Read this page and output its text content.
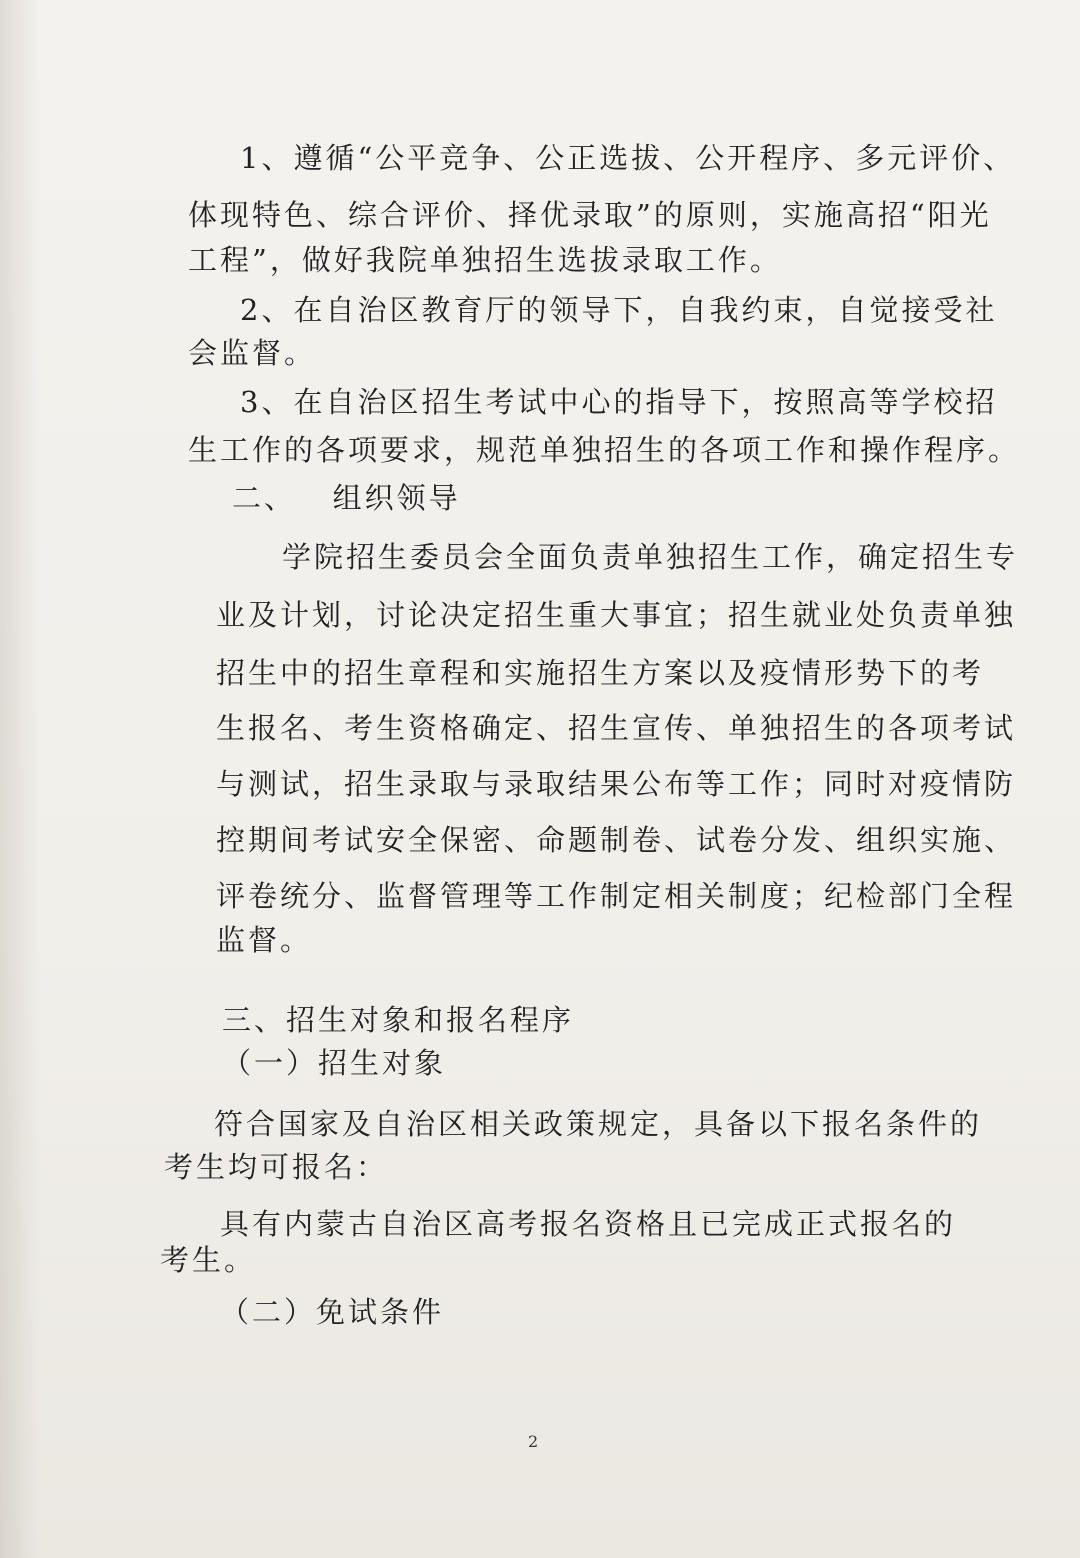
1、遵循“公平竞争、公正选拔、公开程序、多元评价、
体现特色、综合评价、择优录取”的原则，实施高招“阳光
工程”，做好我院单独招生选拔录取工作。
2、在自治区教育厅的领导下，自我约束，自觉接受社
会监督。
3、在自治区招生考试中心的指导下，按照高等学校招
生工作的各项要求，规范单独招生的各项工作和操作程序。
二、   组织领导
学院招生委员会全面负责单独招生工作，确定招生专
业及计划，讨论决定招生重大事宜；招生就业处负责单独
招生中的招生章程和实施招生方案以及疫情形势下的考
生报名、考生资格确定、招生宣传、单独招生的各项考试
与测试，招生录取与录取结果公布等工作；同时对疫情防
控期间考试安全保密、命题制卷、试卷分发、组织实施、
评卷统分、监督管理等工作制定相关制度；纪检部门全程
监督。
三、招生对象和报名程序
（一）招生对象
符合国家及自治区相关政策规定，具备以下报名条件的
考生均可报名：
具有内蒙古自治区高考报名资格且已完成正式报名的
考生。
（二）免试条件
2
